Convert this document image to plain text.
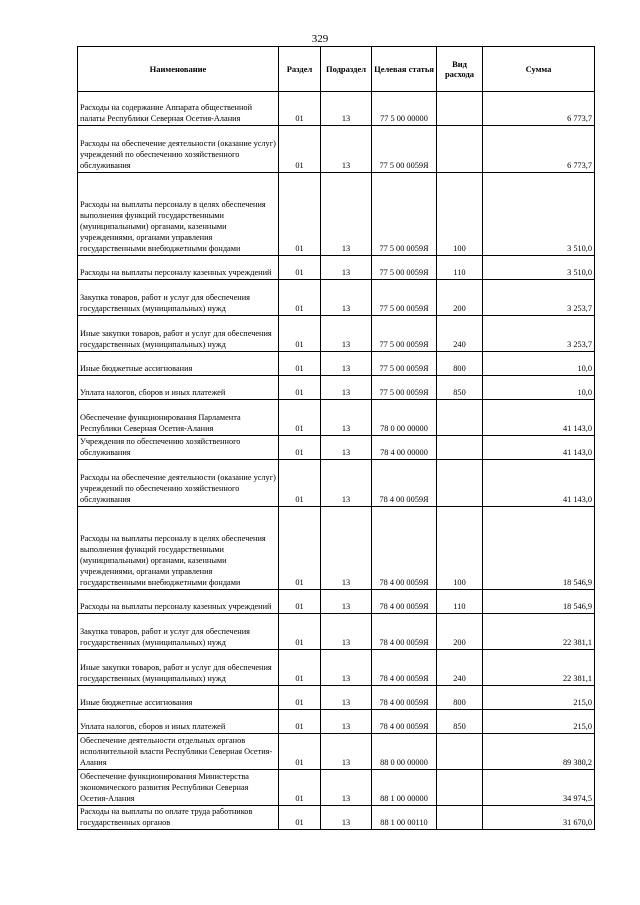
329
Наименование	Раздел	Подраздел	Целевая статья	Вид расхода	Сумма
Расходы на содержание Аппарата общественной палаты Республики Северная Осетия-Алания	01	13	77 5 00 00000		6 773,7
Расходы на обеспечение деятельности (оказание услуг) учреждений по обеспечению хозяйственного обслуживания	01	13	77 5 00 0059Я		6 773,7
Расходы на выплаты персоналу в целях обеспечения выполнения функций государственными (муниципальными) органами, казенными учреждениями, органами управления государственными внебюджетными фондами	01	13	77 5 00 0059Я	100	3 510,0
Расходы на выплаты персоналу казенных учреждений	01	13	77 5 00 0059Я	110	3 510,0
Закупка товаров, работ и услуг для обеспечения государственных (муниципальных) нужд	01	13	77 5 00 0059Я	200	3 253,7
Иные закупки товаров, работ и услуг для обеспечения государственных (муниципальных) нужд	01	13	77 5 00 0059Я	240	3 253,7
Иные бюджетные ассигнования	01	13	77 5 00 0059Я	800	10,0
Уплата налогов, сборов и иных платежей	01	13	77 5 00 0059Я	850	10,0
Обеспечение функционирования Парламента Республики Северная Осетия-Алания	01	13	78 0 00 00000		41 143,0
Учреждения по обеспечению хозяйственного обслуживания	01	13	78 4 00 00000		41 143,0
Расходы на обеспечение деятельности (оказание услуг) учреждений по обеспечению хозяйственного обслуживания	01	13	78 4 00 0059Я		41 143,0
Расходы на выплаты персоналу в целях обеспечения выполнения функций государственными (муниципальными) органами, казенными учреждениями, органами управления государственными внебюджетными фондами	01	13	78 4 00 0059Я	100	18 546,9
Расходы на выплаты персоналу казенных учреждений	01	13	78 4 00 0059Я	110	18 546,9
Закупка товаров, работ и услуг для обеспечения государственных (муниципальных) нужд	01	13	78 4 00 0059Я	200	22 381,1
Иные закупки товаров, работ и услуг для обеспечения государственных (муниципальных) нужд	01	13	78 4 00 0059Я	240	22 381,1
Иные бюджетные ассигнования	01	13	78 4 00 0059Я	800	215,0
Уплата налогов, сборов и иных платежей	01	13	78 4 00 0059Я	850	215,0
Обеспечение деятельности отдельных органов исполнительной власти Республики Северная Осетия-Алания	01	13	88 0 00 00000		89 380,2
Обеспечение функционирования Министерства экономического развития Республики Северная Осетия-Алания	01	13	88 1 00 00000		34 974,5
Расходы на выплаты по оплате труда работников государственных органов	01	13	88 1 00 00110		31 670,0
